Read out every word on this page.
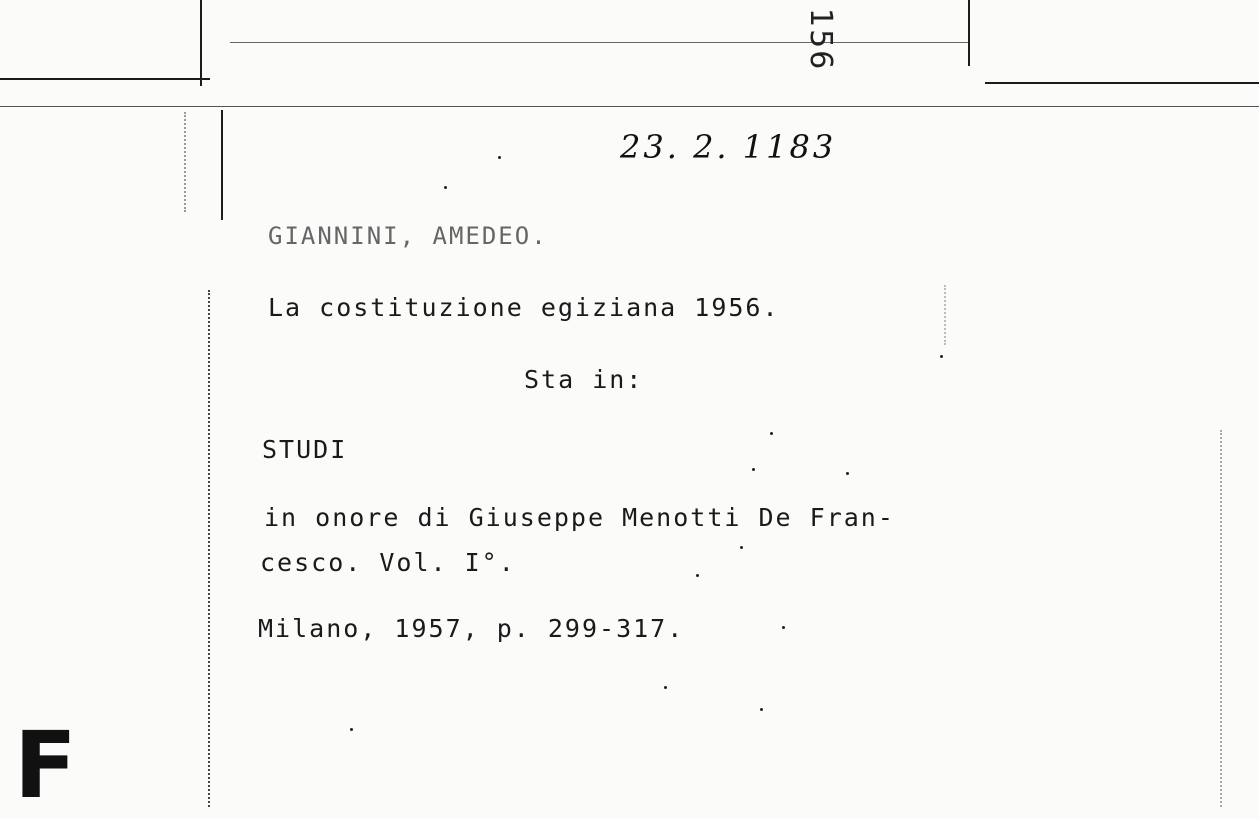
23. 2. 1183
156
GIANNINI, AMEDEO.
La costituzione egiziana 1956.
Sta in:
STUDI
in onore di Giuseppe Menotti De Fran-
cesco. Vol. I°.
Milano, 1957, p. 299-317.
F
